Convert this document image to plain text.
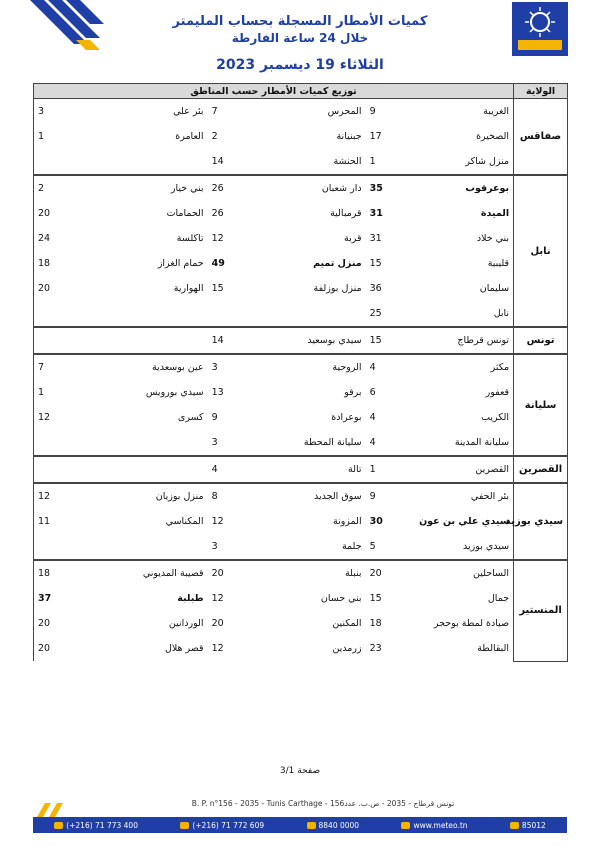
كميات الأمطار المسجلة بحساب المليمتر
خلال 24 ساعة الفارطة
الثلاثاء 19 ديسمبر 2023
الولاية	توزيع كميات الأمطار حسب المناطق					
صفاقس	الغريبة	9	المحرس	7	بئر علي	3
	الصخيرة	17	جبنيانة	2	العامرة	1
	منزل شاكر	1	الحنشة	14		
نابل	بوعرقوب	35	دار شعبان	26	بني خيار	2
	الميدة	31	قرمبالية	26	الحمامات	20
	بني خلاد	31	قربة	12	تاكلسة	24
	قليبية	15	منزل تميم	49	حمام الغزاز	18
	سليمان	36	منزل بوزلفة	15	الهوارية	20
	نابل	25				
تونس	تونس قرطاج	15	سيدي بوسعيد	14		
سليانة	مكثر	4	الروحية	3	عين بوسعدية	7
	قعفور	6	برقو	13	سيدي بورويس	1
	الكريب	4	بوعرادة	9	كسرى	12
	سليانة المدينة	4	سليانة المحطة	3		
القصرين	القصرين	1	تالة	4		
سيدي بوزيد	بئر الحفي	9	سوق الجديد	8	منزل بوزيان	12
	سيدي علي بن عون	30	المزونة	12	المكناسي	11
	سيدي بوزيد	5	جلمة	3		
المنستير	الساحلين	20	بنبلة	20	قصيبة المديوني	18
	جمال	15	بني حسان	12	طبلبة	37
	صيادة لمطة بوحجر	18	المكنين	20	الوردانين	20
	البقالطة	23	زرمدين	12	قصر هلال	20
صفحة 3/1
B. P. n°156 - 2035 - Tunis Carthage - تونس قرطاج - 2035 - ص.ب. عدد156
(+216) 71 773 400	(+216) 71 772 609	8840 0000	www.meteo.tn	85012
